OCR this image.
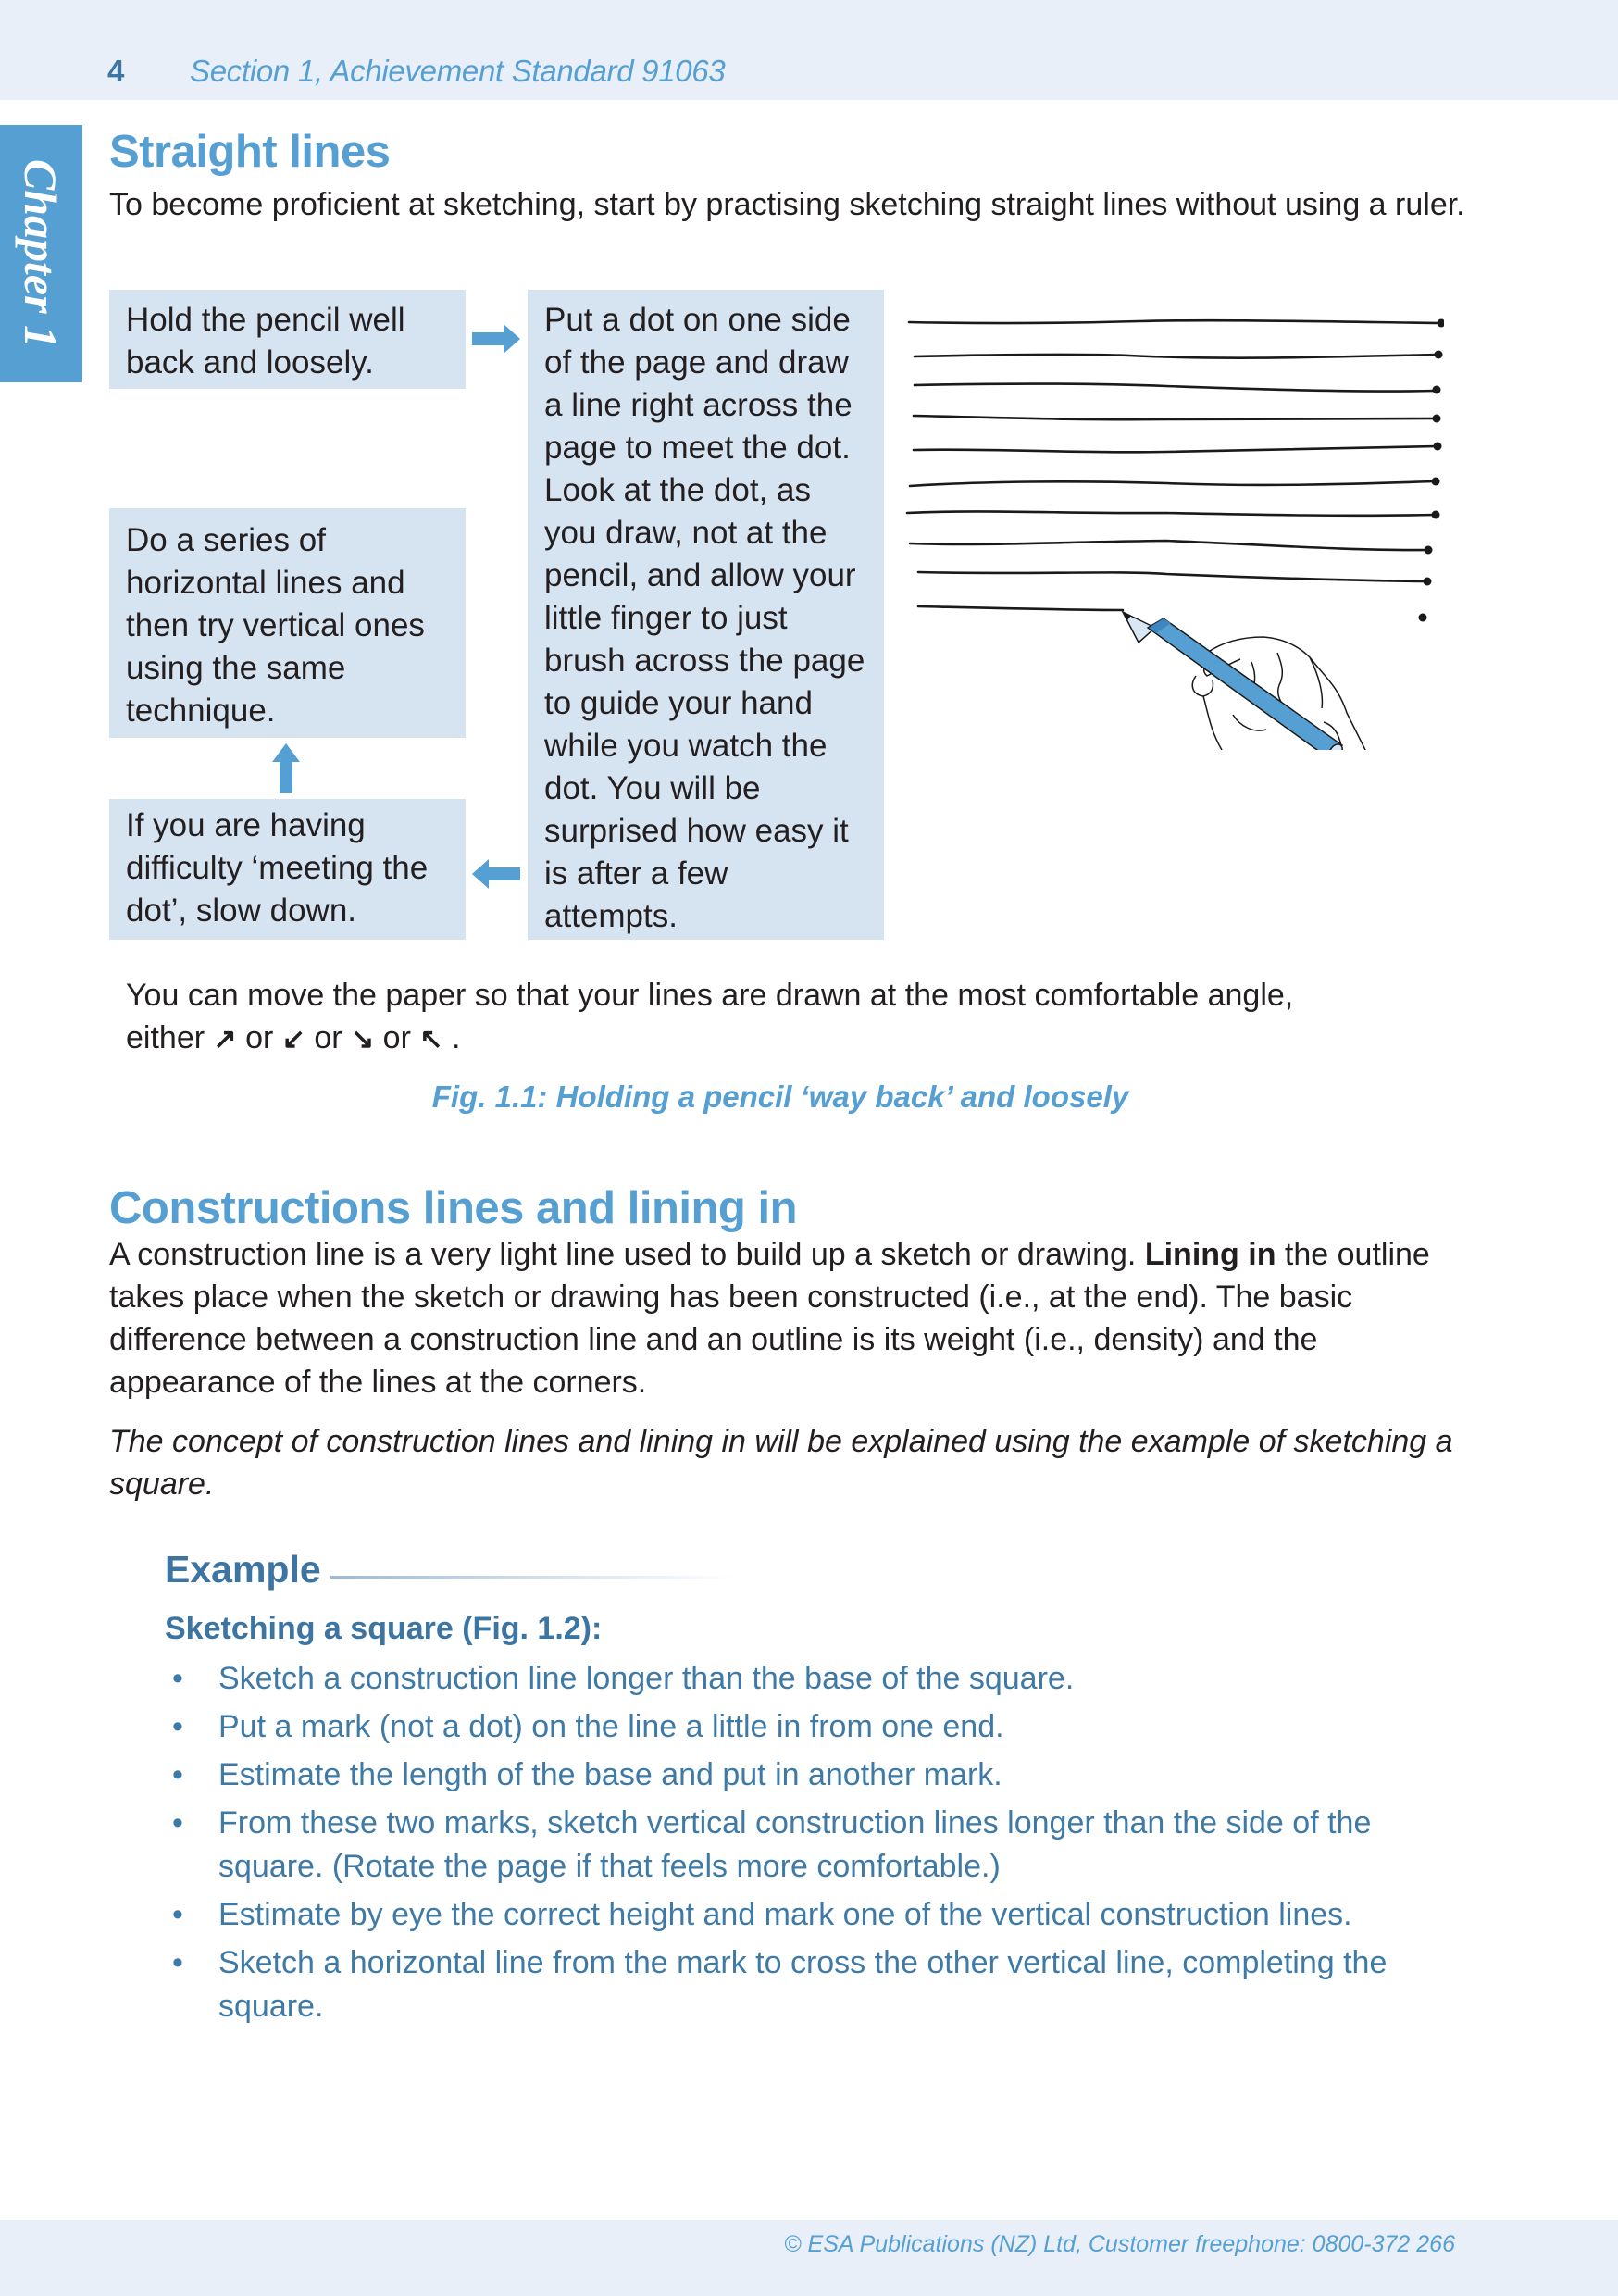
4 Section 1, Achievement Standard 91063
Chapter 1
Straight lines
To become proficient at sketching, start by practising sketching straight lines without using a ruler.
Hold the pencil well back and loosely.
Put a dot on one side of the page and draw a line right across the page to meet the dot. Look at the dot, as you draw, not at the pencil, and allow your little finger to just brush across the page to guide your hand while you watch the dot. You will be surprised how easy it is after a few attempts.
Do a series of horizontal lines and then try vertical ones using the same technique.
If you are having difficulty ‘meeting the dot’, slow down.
You can move the paper so that your lines are drawn at the most comfortable angle,
either ↗ or ↙ or ↘ or ↖ .
Fig. 1.1: Holding a pencil ‘way back’ and loosely
Constructions lines and lining in
A construction line is a very light line used to build up a sketch or drawing. Lining in the outline takes place when the sketch or drawing has been constructed (i.e., at the end). The basic difference between a construction line and an outline is its weight (i.e., density) and the appearance of the lines at the corners.
The concept of construction lines and lining in will be explained using the example of sketching a square.
Example
Sketching a square (Fig. 1.2):
• Sketch a construction line longer than the base of the square.
• Put a mark (not a dot) on the line a little in from one end.
• Estimate the length of the base and put in another mark.
• From these two marks, sketch vertical construction lines longer than the side of the square. (Rotate the page if that feels more comfortable.)
• Estimate by eye the correct height and mark one of the vertical construction lines.
• Sketch a horizontal line from the mark to cross the other vertical line, completing the square.
© ESA Publications (NZ) Ltd, Customer freephone: 0800-372 266
